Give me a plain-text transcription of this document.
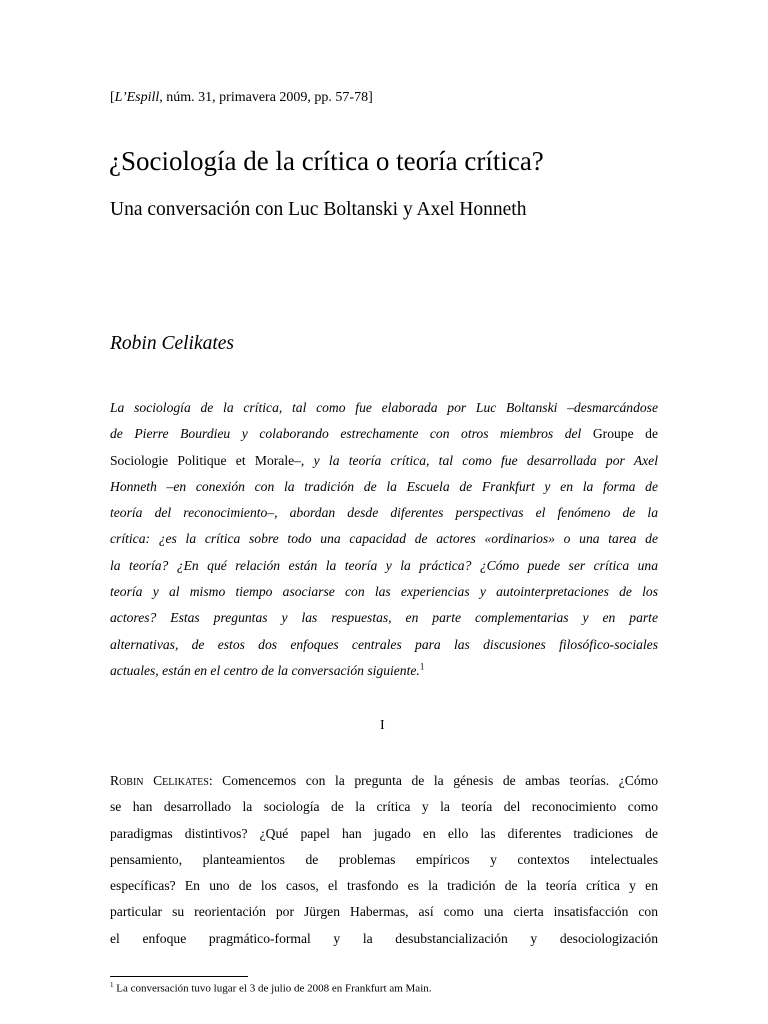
[L’Espill, núm. 31, primavera 2009, pp. 57-78]
¿Sociología de la crítica o teoría crítica?
Una conversación con Luc Boltanski y Axel Honneth
Robin Celikates
La sociología de la crítica, tal como fue elaborada por Luc Boltanski –desmarcándose
de Pierre Bourdieu y colaborando estrechamente con otros miembros del Groupe de
Sociologie Politique et Morale–, y la teoría crítica, tal como fue desarrollada por Axel
Honneth –en conexión con la tradición de la Escuela de Frankfurt y en la forma de
teoría del reconocimiento–, abordan desde diferentes perspectivas el fenómeno de la
crítica: ¿es la crítica sobre todo una capacidad de actores «ordinarios» o una tarea de
la teoría? ¿En qué relación están la teoría y la práctica? ¿Cómo puede ser crítica una
teoría y al mismo tiempo asociarse con las experiencias y autointerpretaciones de los
actores? Estas preguntas y las respuestas, en parte complementarias y en parte
alternativas, de estos dos enfoques centrales para las discusiones filosófico-sociales
actuales, están en el centro de la conversación siguiente.$^1$
I
Robin Celikates: Comencemos con la pregunta de la génesis de ambas teorías. ¿Cómo
se han desarrollado la sociología de la crítica y la teoría del reconocimiento como
paradigmas distintivos? ¿Qué papel han jugado en ello las diferentes tradiciones de
pensamiento, planteamientos de problemas empíricos y contextos intelectuales
específicas? En uno de los casos, el trasfondo es la tradición de la teoría crítica y en
particular su reorientación por Jürgen Habermas, así como una cierta insatisfacción con
el enfoque pragmático-formal y la desubstancialización y desociologización
$^1$ La conversación tuvo lugar el 3 de julio de 2008 en Frankfurt am Main.
